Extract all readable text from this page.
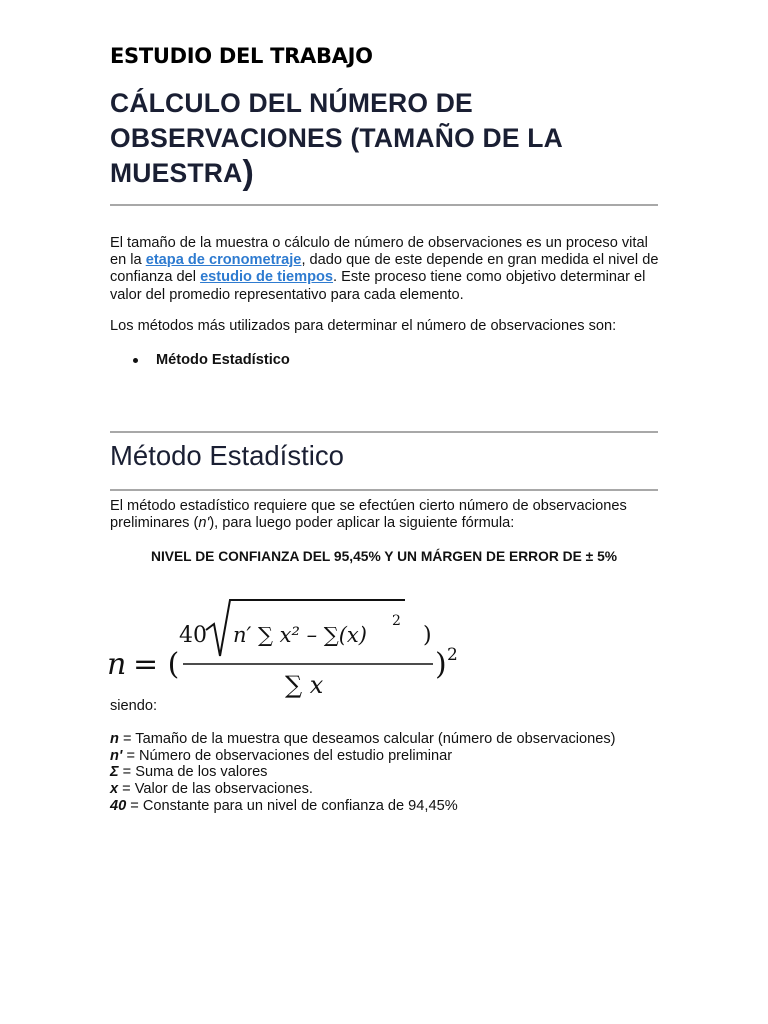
ESTUDIO DEL TRABAJO
CÁLCULO DEL NÚMERO DE
OBSERVACIONES (TAMAÑO DE LA
MUESTRA)
El tamaño de la muestra o cálculo de número de observaciones es un proceso vital en la etapa de cronometraje, dado que de este depende en gran medida el nivel de confianza del estudio de tiempos. Este proceso tiene como objetivo determinar el valor del promedio representativo para cada elemento.
Los métodos más utilizados para determinar el número de observaciones son:
Método Estadístico
Método Estadístico
El método estadístico requiere que se efectúen cierto número de observaciones preliminares (n'), para luego poder aplicar la siguiente fórmula:
NIVEL DE CONFIANZA DEL 95,45% Y UN MÁRGEN DE ERROR DE ± 5%
n = (
40 n′ ∑ x² – ∑(x)
2
)
∑ x
) 2
siendo:
n = Tamaño de la muestra que deseamos calcular (número de observaciones)
n' = Número de observaciones del estudio preliminar
Σ = Suma de los valores
x = Valor de las observaciones.
40 = Constante para un nivel de confianza de 94,45%
